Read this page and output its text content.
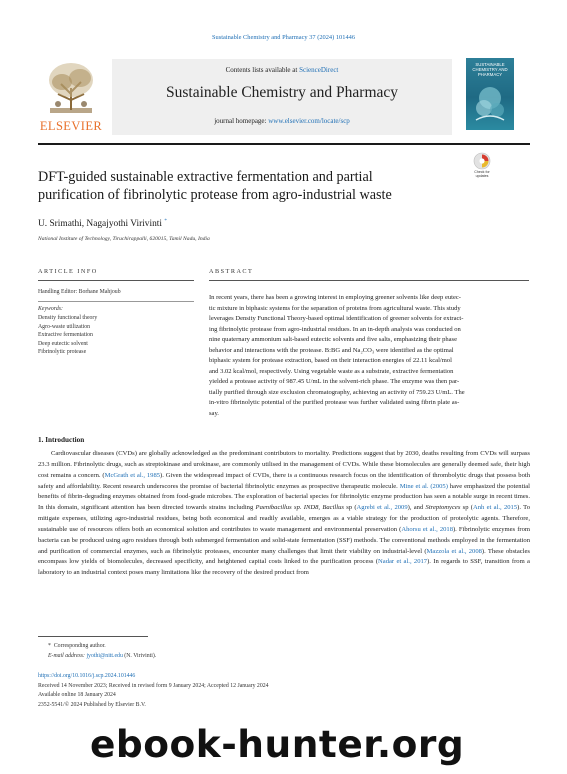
Sustainable Chemistry and Pharmacy 37 (2024) 101446
ELSEVIER
Contents lists available at ScienceDirect
Sustainable Chemistry and Pharmacy
journal homepage: www.elsevier.com/locate/scp
SUSTAINABLE CHEMISTRY AND PHARMACY
DFT-guided sustainable extractive fermentation and partial
purification of fibrinolytic protease from agro-industrial waste
Check for
updates
U. Srimathi, Nagajyothi Virivinti *
National Institute of Technology, Tiruchirappalli, 620015, Tamil Nadu, India
ARTICLE INFO
Handling Editor: Borhane Mahjoub
Keywords:
Density functional theory
Agro-waste utilization
Extractive fermentation
Deep eutectic solvent
Fibrinolytic protease
ABSTRACT
In recent years, there has been a growing interest in employing greener solvents like deep eutec-
tic mixture in biphasic systems for the separation of proteins from agricultural waste. This study
leverages Density Functional Theory-based optimal identification of greener solvents for extract-
ing fibrinolytic protease from agro-industrial residues. In an in-depth analysis was conducted on
nine quaternary ammonium salt-based eutectic solvents and five salts, emphasizing their phase
behavior and interactions with the protease. B:BG and Na₂CO₃ were identified as the optimal
biphasic system for protease extraction, based on their interaction energies of 22.11 kcal/mol
and 3.02 kcal/mol, respectively. Using vegetable waste as a substrate, extractive fermentation
yielded a protease activity of 987.45 U/mL in the solvent-rich phase. The enzyme was then par-
tially purified through size exclusion chromatography, achieving an activity of 759.23 U/mL. The
in-vitro fibrinolytic potential of the purified protease was further validated using fibrin plate as-
say.
1. Introduction
Cardiovascular diseases (CVDs) are globally acknowledged as the predominant contributors to mortality. Predictions suggest that by 2030, deaths resulting from CVDs will surpass 23.3 million. Fibrinolytic drugs, such as streptokinase and urokinase, are commonly utilised in the management of CVDs. While these biomolecules are generally deemed safe, their high cost remains a concern. (McGrath et al., 1985). Given the widespread impact of CVDs, there is a continuous research focus on the identification of thrombolytic drugs that possess both safety and affordability. Recent research underscores the promise of bacterial fibrinolytic enzymes as prospective therapeutic molecule. Mine et al. (2005) have emphasized the potential benefits of fibrin-degrading enzymes obtained from food-grade microbes. The exploration of bacterial species for fibrinolytic enzyme production has seen a notable surge in recent times. In this domain, significant attention has been directed towards strains including Paenibacillus sp. IND8, Bacillus sp (Agrebi et al., 2009), and Streptomyces sp (Anh et al., 2015). To mitigate expenses, utilizing agro-industrial residues, being both economical and readily available, emerges as a viable strategy for the production of proteolytic agents. Therefore, sustainable use of resources offers both an economical solution and contributes to waste management and environmental preservation (Ahorsu et al., 2018). Fibrinolytic enzymes from bacteria can be produced using agro residues through both submerged fermentation and solid-state fermentation (SSF) methods. The conventional methods employed in the fermentation and purification of commercial enzymes, such as fibrinolytic proteases, encounter many challenges that limit their viability on industrial-level (Mazzola et al., 2008). These obstacles encompass low yields of biomolecules, decreased specificity, and heightened capital costs linked to the purification process (Nadar et al., 2017). In regards to SSF, transition from a laboratory to an industrial context poses many limitations like the recovery of the desired product from
* Corresponding author.
E-mail address: jyothi@nitt.edu (N. Virivinti).
https://doi.org/10.1016/j.scp.2024.101446
Received 14 November 2023; Received in revised form 9 January 2024; Accepted 12 January 2024
Available online 18 January 2024
2352-5541/© 2024 Published by Elsevier B.V.
ebook-hunter.org
